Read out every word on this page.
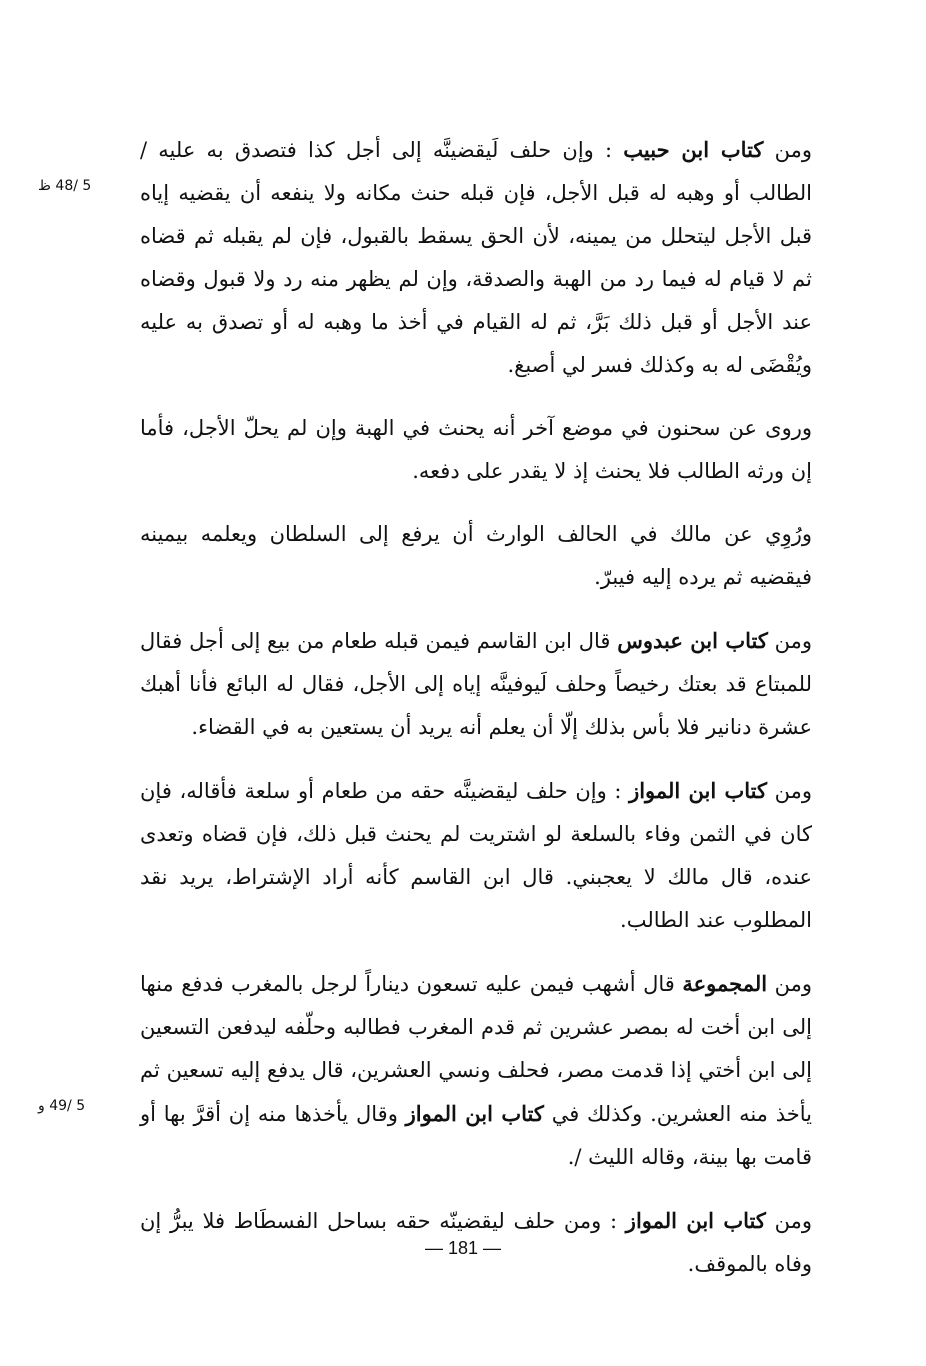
ومن كتاب ابن حبيب : وإن حلف لَيقضينَّه إلى أجل كذا فتصدق به عليه / الطالب أو وهبه له قبل الأجل، فإن قبله حنث مكانه ولا ينفعه أن يقضيه إياه قبل الأجل ليتحلل من يمينه، لأن الحق يسقط بالقبول، فإن لم يقبله ثم قضاه ثم لا قيام له فيما رد من الهبة والصدقة، وإن لم يظهر منه رد ولا قبول وقضاه عند الأجل أو قبل ذلك بَرَّ، ثم له القيام في أخذ ما وهبه له أو تصدق به عليه ويُقْضَى له به وكذلك فسر لي أصبغ.

وروى عن سحنون في موضع آخر أنه يحنث في الهبة وإن لم يحلّ الأجل، فأما إن ورثه الطالب فلا يحنث إذ لا يقدر على دفعه.

ورُوِي عن مالك في الحالف الوارث أن يرفع إلى السلطان ويعلمه بيمينه فيقضيه ثم يرده إليه فيبرّ.

ومن كتاب ابن عبدوس قال ابن القاسم فيمن قبله طعام من بيع إلى أجل فقال للمبتاع قد بعتك رخيصاً وحلف لَيوفينَّه إياه إلى الأجل، فقال له البائع فأنا أهبك عشرة دنانير فلا بأس بذلك إلّا أن يعلم أنه يريد أن يستعين به في القضاء.

ومن كتاب ابن المواز : وإن حلف ليقضينَّه حقه من طعام أو سلعة فأقاله، فإن كان في الثمن وفاء بالسلعة لو اشتريت لم يحنث قبل ذلك، فإن قضاه وتعدى عنده، قال مالك لا يعجبني. قال ابن القاسم كأنه أراد الإشتراط، يريد نقد المطلوب عند الطالب.

ومن المجموعة قال أشهب فيمن عليه تسعون ديناراً لرجل بالمغرب فدفع منها إلى ابن أخت له بمصر عشرين ثم قدم المغرب فطالبه وحلّفه ليدفعن التسعين إلى ابن أختي إذا قدمت مصر، فحلف ونسي العشرين، قال يدفع إليه تسعين ثم يأخذ منه العشرين. وكذلك في كتاب ابن المواز وقال يأخذها منه إن أقرَّ بها أو قامت بها بينة، وقاله الليث /.

ومن كتاب ابن المواز : ومن حلف ليقضينّه حقه بساحل الفسطَاط فلا يبرُّ إن وفاه بالموقف.

5 /48 ظ
5 /49 و
— 181 —
